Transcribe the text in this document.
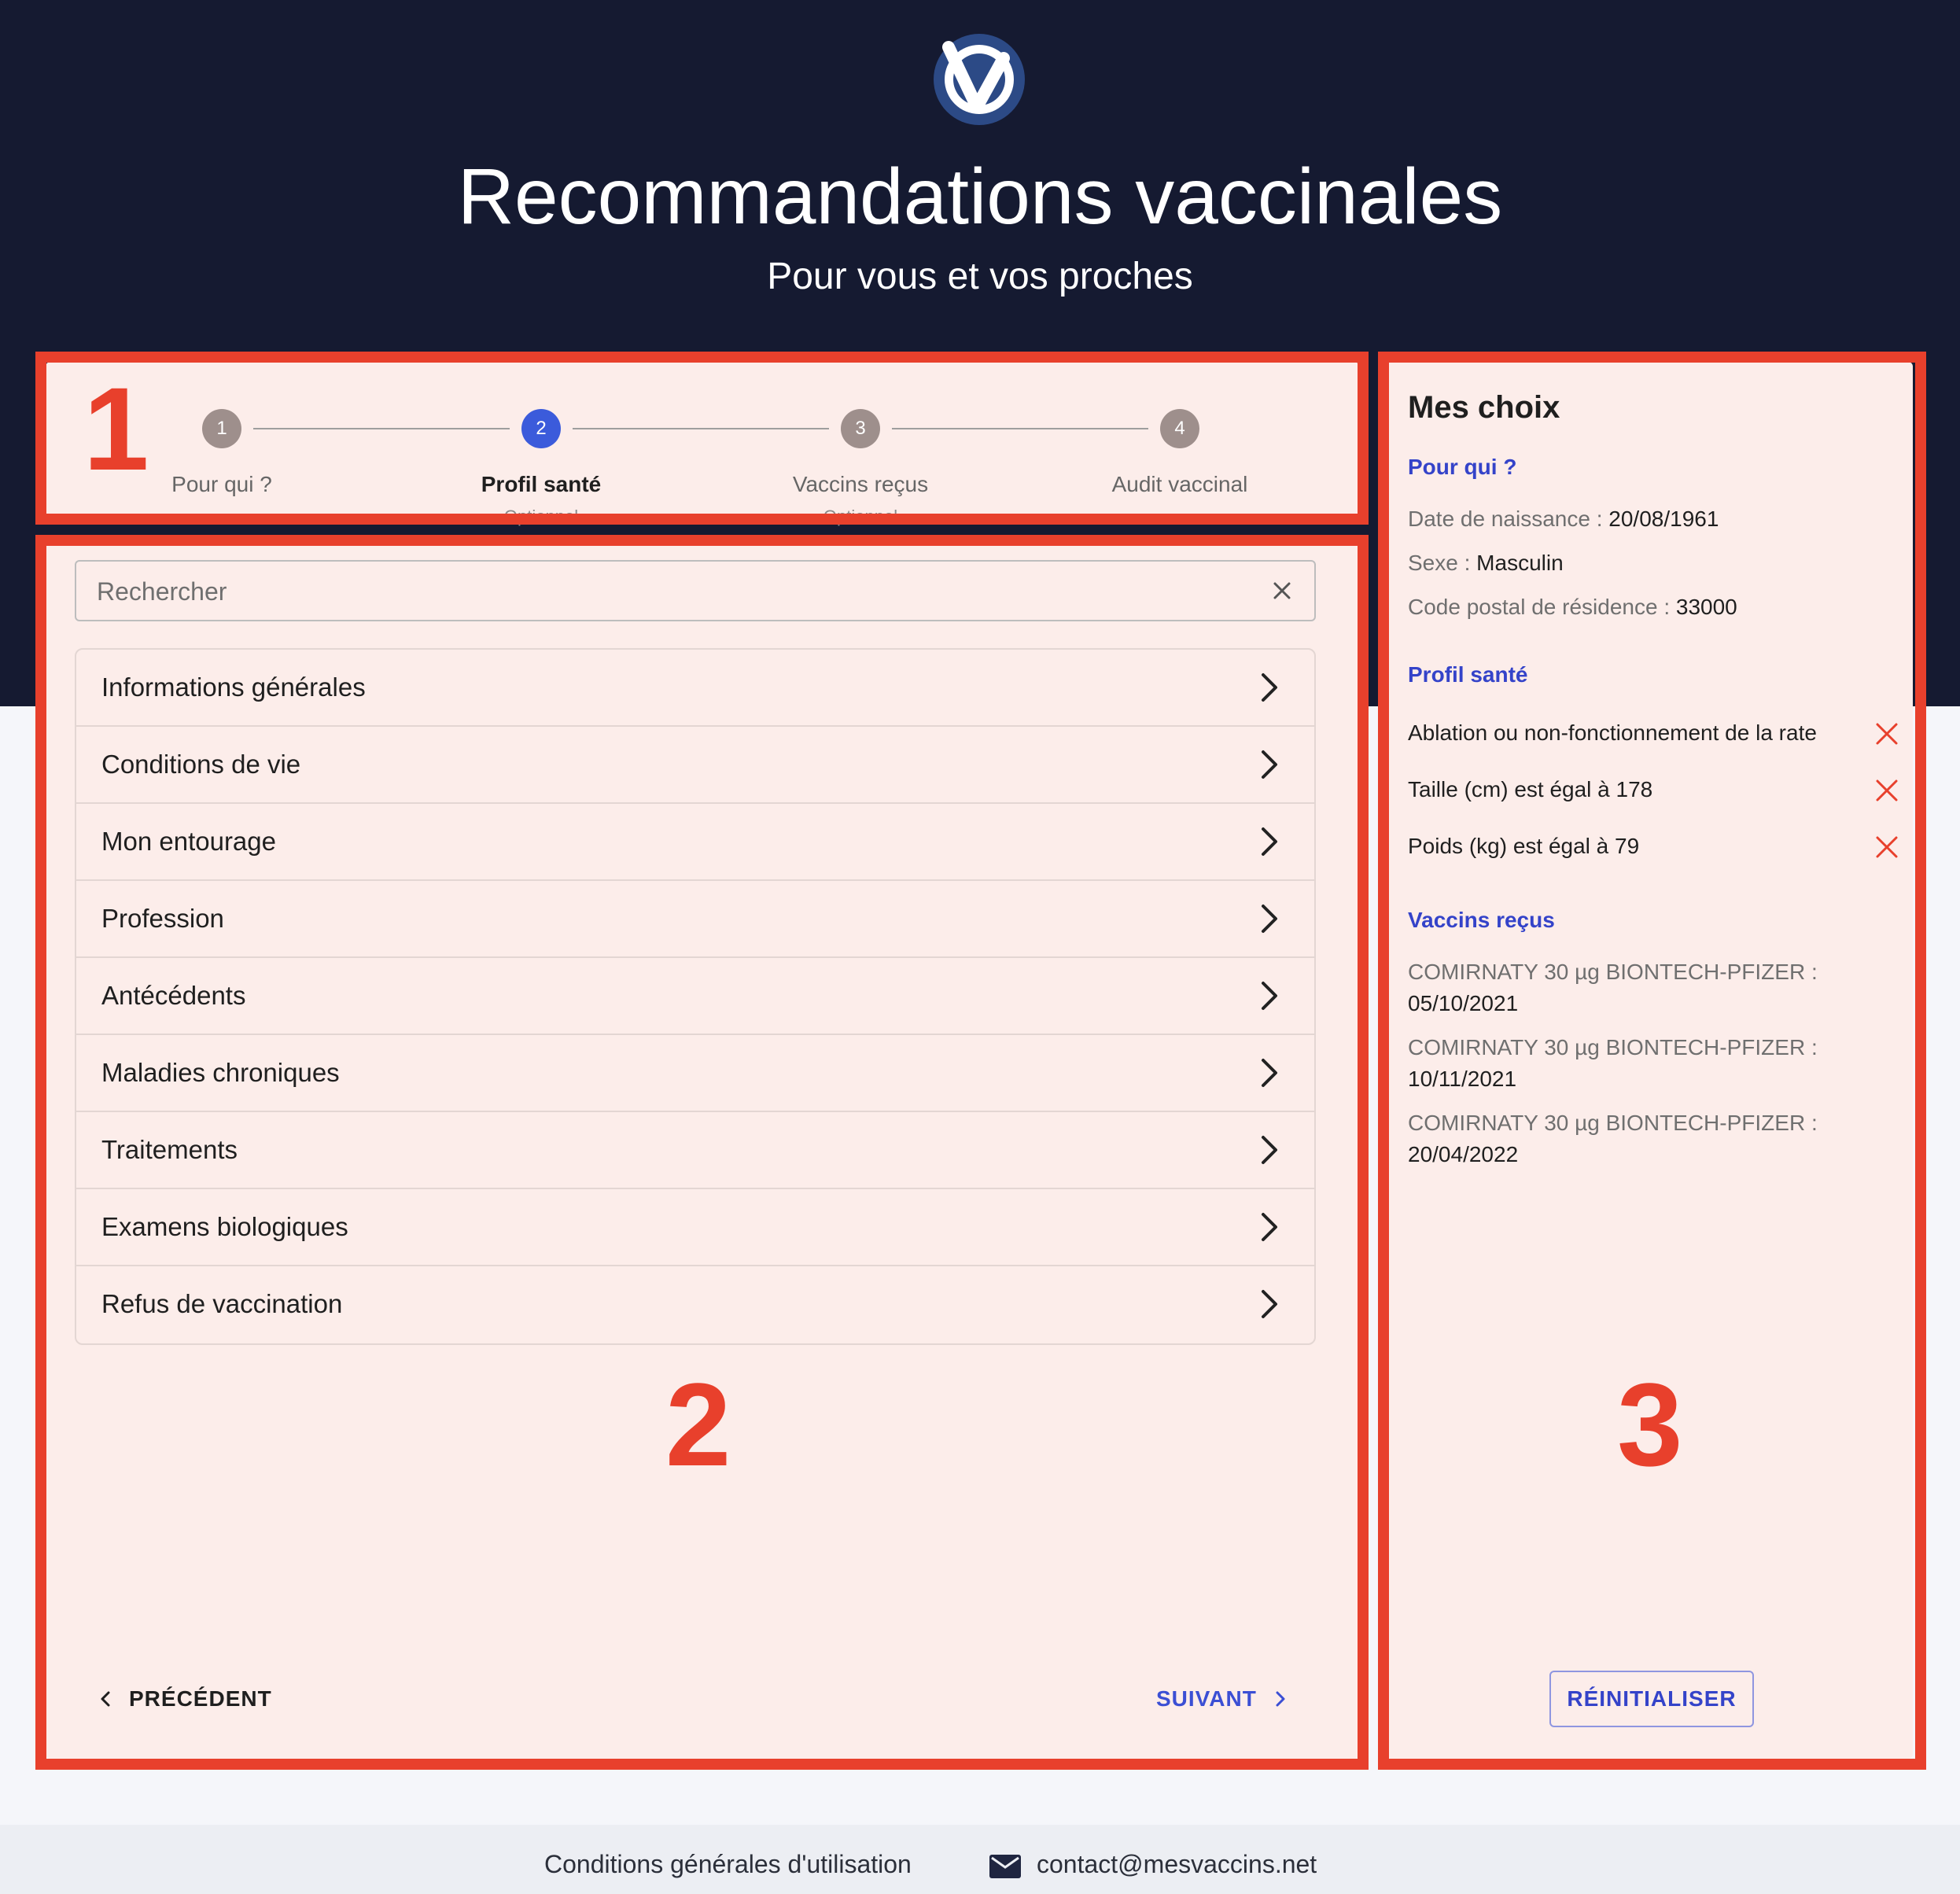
Recommandations vaccinales
Pour vous et vos proches
1	2	3	4
Pour qui ?	Profil santé	Vaccins reçus	Audit vaccinal
Rechercher
Informations générales
Conditions de vie
Mon entourage
Profession
Antécédents
Maladies chroniques
Traitements
Examens biologiques
Refus de vaccination
PRÉCÉDENT	SUIVANT
Mes choix
Pour qui ?
Date de naissance : 20/08/1961
Sexe : Masculin
Code postal de résidence : 33000
Profil santé
Ablation ou non-fonctionnement de la rate
Taille (cm) est égal à 178
Poids (kg) est égal à 79
Vaccins reçus
COMIRNATY 30 µg BIONTECH-PFIZER :
05/10/2021
COMIRNATY 30 µg BIONTECH-PFIZER :
10/11/2021
COMIRNATY 30 µg BIONTECH-PFIZER :
20/04/2022
RÉINITIALISER
1
2	3
Conditions générales d'utilisation	contact@mesvaccins.net
